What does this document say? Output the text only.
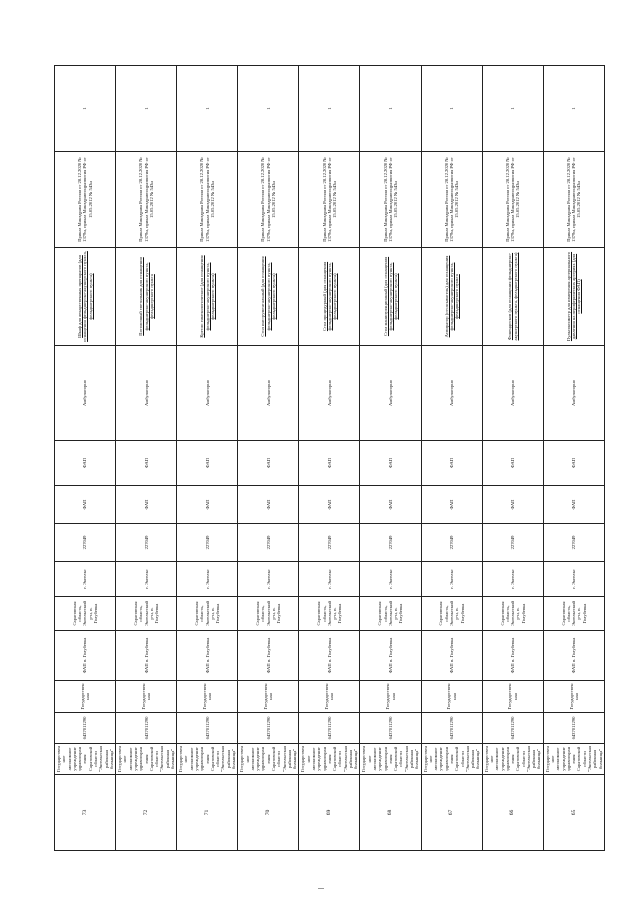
73	Государственное автономное учреждение здравоохранения Саратовской области "Энгельсская районная больница"	6437011290	Государственная	ФАП п. Голубевка	Саратовская область, Энгельсский р-н, п. Голубевка	г. Энгельс	227049	ФАП	ФАП	Амбулаторно	Шкаф для лекарственных препаратов (для оснащения фельдшерско-акушерского пункта, фельдшерского пункта)	Приказ Минздрава России от 28.12.2020 № 1379н, приказ Минздравсоцразвития РФ от 15.05.2012 № 543н	1	
72	Государственное автономное учреждение здравоохранения Саратовской области "Энгельсская районная больница"	6437011290	Государственная	ФАП п. Голубевка	Саратовская область, Энгельсский р-н, п. Голубевка	г. Энгельс	227049	ФАП	ФАП	Амбулаторно	Потолочный светильник для оснащения фельдшерско-акушерского пункта, фельдшерского пункта	Приказ Минздрава России от 28.12.2020 № 1379н, приказ Минздравсоцразвития РФ от 15.05.2012 № 543н	1	
71	Государственное автономное учреждение здравоохранения Саратовской области "Энгельсская районная больница"	6437011290	Государственная	ФАП п. Голубевка	Саратовская область, Энгельсский р-н, п. Голубевка	г. Энгельс	227049	ФАП	ФАП	Амбулаторно	Кресло гинекологическое (для оснащения фельдшерско-акушерского пункта, фельдшерского пункта)	Приказ Минздрава России от 28.12.2020 № 1379н, приказ Минздравсоцразвития РФ от 15.05.2012 № 543н	1	
70	Государственное автономное учреждение здравоохранения Саратовской области "Энгельсская районная больница"	6437011290	Государственная	ФАП п. Голубевка	Саратовская область, Энгельсский р-н, п. Голубевка	г. Энгельс	227049	ФАП	ФАП	Амбулаторно	Стол инструментальный (для оснащения фельдшерско-акушерского пункта, фельдшерского пункта)	Приказ Минздрава России от 28.12.2020 № 1379н, приказ Минздравсоцразвития РФ от 15.05.2012 № 543н	1	
69	Государственное автономное учреждение здравоохранения Саратовской области "Энгельсская районная больница"	6437011290	Государственная	ФАП п. Голубевка	Саратовская область, Энгельсский р-н, п. Голубевка	г. Энгельс	227049	ФАП	ФАП	Амбулаторно	Стол процедурный (для оснащения фельдшерско-акушерского пункта, фельдшерского пункта)	Приказ Минздрава России от 28.12.2020 № 1379н, приказ Минздравсоцразвития РФ от 15.05.2012 № 543н	1	
68	Государственное автономное учреждение здравоохранения Саратовской области "Энгельсская районная больница"	6437011290	Государственная	ФАП п. Голубевка	Саратовская область, Энгельсский р-н, п. Голубевка	г. Энгельс	227049	ФАП	ФАП	Амбулаторно	Стол манипуляционный (для оснащения фельдшерско-акушерского пункта, фельдшерского пункта)	Приказ Минздрава России от 28.12.2020 № 1379н, приказ Минздравсоцразвития РФ от 15.05.2012 № 543н	1	
67	Государственное автономное учреждение здравоохранения Саратовской области "Энгельсская районная больница"	6437011290	Государственная	ФАП п. Голубевка	Саратовская область, Энгельсский р-н, п. Голубевка	г. Энгельс	227049	ФАП	ФАП	Амбулаторно	Аспиратор (отсасыватель) для оснащения фельдшерско-акушерского пункта, фельдшерского пункта	Приказ Минздрава России от 28.12.2020 № 1379н, приказ Минздравсоцразвития РФ от 15.05.2012 № 543н	1	
66	Государственное автономное учреждение здравоохранения Саратовской области "Энгельсская районная больница"	6437011290	Государственная	ФАП п. Голубевка	Саратовская область, Энгельсский р-н, п. Голубевка	г. Энгельс	227049	ФАП	ФАП	Амбулаторно	Фонендоскоп (для оснащения фельдшерско-акушерского пункта, фельдшерского пункта)	Приказ Минздрава России от 28.12.2020 № 1379н, приказ Минздравсоцразвития РФ от 15.05.2012 № 543н	1	
65	Государственное автономное учреждение здравоохранения Саратовской области "Энгельсская районная больница"	6437011290	Государственная	ФАП п. Голубевка	Саратовская область, Энгельсский р-н, п. Голубевка	г. Энгельс	227049	ФАП	ФАП	Амбулаторно	Пульсоксиметр для измерения артериального давления на периферических артериях (для оснащения ФАП)	Приказ Минздрава России от 28.12.2020 № 1379н, приказ Минздравсоцразвития РФ от 15.05.2012 № 543н	1	
